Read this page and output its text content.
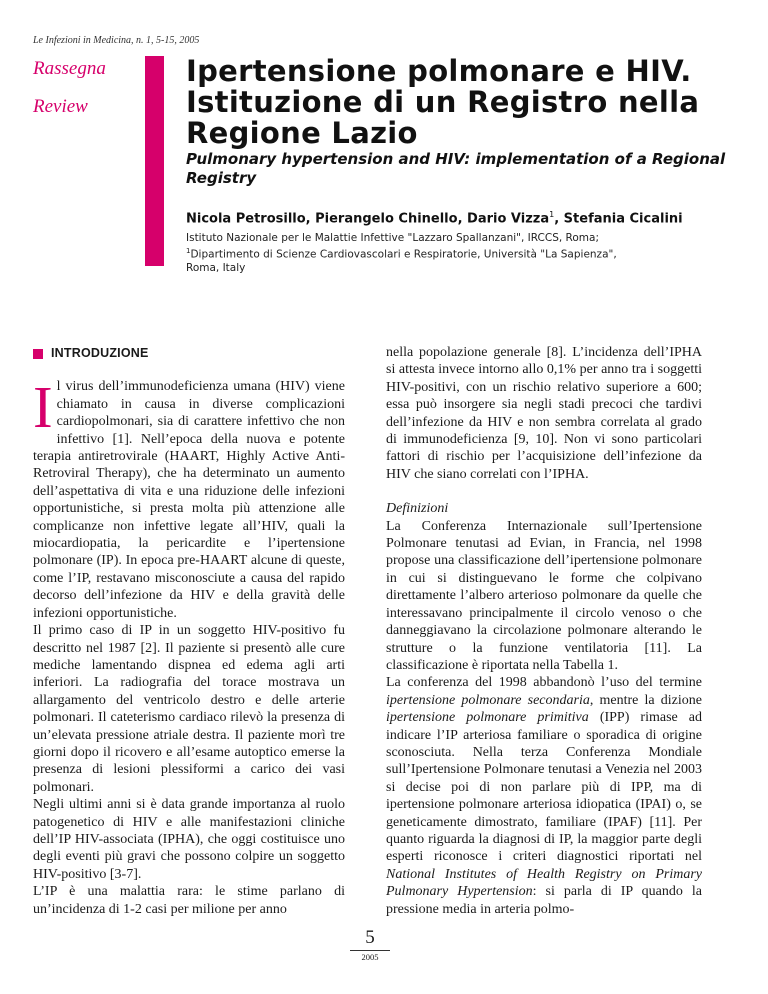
Le Infezioni in Medicina, n. 1, 5-15, 2005
Rassegna
Review
Ipertensione polmonare e HIV. Istituzione di un Registro nella Regione Lazio
Pulmonary hypertension and HIV: implementation of a Regional Registry
Nicola Petrosillo, Pierangelo Chinello, Dario Vizza$^1$, Stefania Cicalini
Istituto Nazionale per le Malattie Infettive "Lazzaro Spallanzani", IRCCS, Roma;
$^1$Dipartimento di Scienze Cardiovascolari e Respiratorie, Università "La Sapienza",
Roma, Italy
INTRODUZIONE

Il virus dell’immunodeficienza umana (HIV) viene chiamato in causa in diverse complicazioni cardiopolmonari, sia di carattere infettivo che non infettivo [1]. Nell’epoca della nuova e potente terapia antiretrovirale (HAART, Highly Active Anti-Retroviral Therapy), che ha determinato un aumento dell’aspettativa di vita e una riduzione delle infezioni opportunistiche, si presta molta più attenzione alle complicanze non infettive legate all’HIV, quali la miocardiopatia, la pericardite e l’ipertensione polmonare (IP). In epoca pre-HAART alcune di queste, come l’IP, restavano misconosciute a causa del rapido decorso dell’infezione da HIV e della gravità delle infezioni opportunistiche.

Il primo caso di IP in un soggetto HIV-positivo fu descritto nel 1987 [2]. Il paziente si presentò alle cure mediche lamentando dispnea ed edema agli arti inferiori. La radiografia del torace mostrava un allargamento del ventricolo destro e delle arterie polmonari. Il cateterismo cardiaco rilevò la presenza di un’elevata pressione atriale destra. Il paziente morì tre giorni dopo il ricovero e all’esame autoptico emerse la presenza di lesioni plessiformi a carico dei vasi polmonari.

Negli ultimi anni si è data grande importanza al ruolo patogenetico di HIV e alle manifestazioni cliniche dell’IP HIV-associata (IPHA), che oggi costituisce uno degli eventi più gravi che possono colpire un soggetto HIV-positivo [3-7].

L’IP è una malattia rara: le stime parlano di un’incidenza di 1-2 casi per milione per anno

nella popolazione generale [8]. L’incidenza dell’IPHA si attesta invece intorno allo 0,1% per anno tra i soggetti HIV-positivi, con un rischio relativo superiore a 600; essa può insorgere sia negli stadi precoci che tardivi dell’infezione da HIV e non sembra correlata al grado di immunodeficienza [9, 10]. Non vi sono particolari fattori di rischio per l’acquisizione dell’infezione da HIV che siano correlati con l’IPHA.

Definizioni

La Conferenza Internazionale sull’Ipertensione Polmonare tenutasi ad Evian, in Francia, nel 1998 propose una classificazione dell’ipertensione polmonare in cui si distinguevano le forme che colpivano direttamente l’albero arterioso polmonare da quelle che interessavano principalmente il circolo venoso o che danneggiavano la circolazione polmonare alterando le strutture o la funzione ventilatoria [11]. La classificazione è riportata nella Tabella 1.

La conferenza del 1998 abbandonò l’uso del termine ipertensione polmonare secondaria, mentre la dizione ipertensione polmonare primitiva (IPP) rimase ad indicare l’IP arteriosa familiare o sporadica di origine sconosciuta. Nella terza Conferenza Mondiale sull’Ipertensione Polmonare tenutasi a Venezia nel 2003 si decise poi di non parlare più di IPP, ma di ipertensione polmonare arteriosa idiopatica (IPAI) o, se geneticamente dimostrato, familiare (IPAF) [11]. Per quanto riguarda la diagnosi di IP, la maggior parte degli esperti riconosce i criteri diagnostici riportati nel National Institutes of Health Registry on Primary Pulmonary Hypertension: si parla di IP quando la pressione media in arteria polmo-

5
2005
